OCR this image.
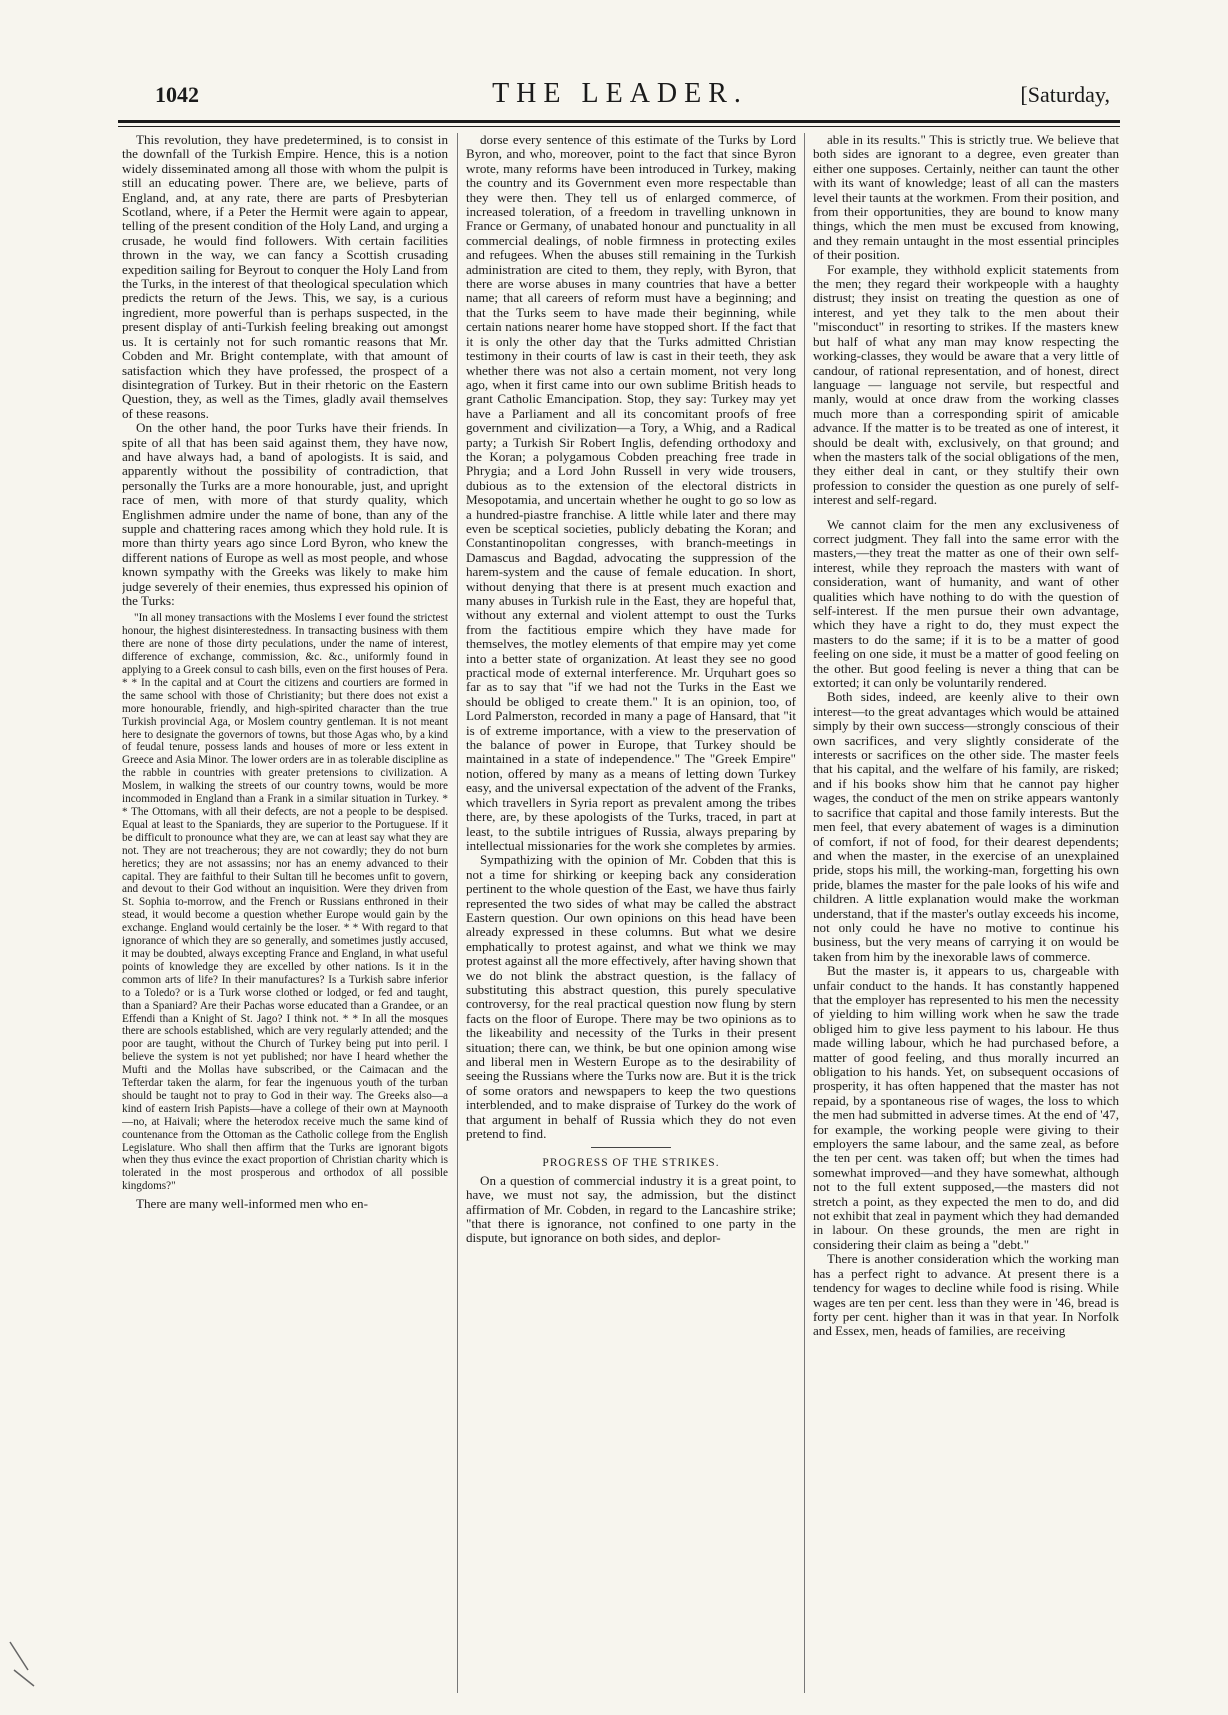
1042	THE LEADER.	[Saturday,

This revolution, they have predetermined, is to consist in the downfall of the Turkish Empire. Hence, this is a notion widely disseminated among all those with whom the pulpit is still an educating power. There are, we believe, parts of England, and, at any rate, there are parts of Presbyterian Scotland, where, if a Peter the Hermit were again to appear, telling of the present condition of the Holy Land, and urging a crusade, he would find followers. With certain facilities thrown in the way, we can fancy a Scottish crusading expedition sailing for Beyrout to conquer the Holy Land from the Turks, in the interest of that theological speculation which predicts the return of the Jews. This, we say, is a curious ingredient, more powerful than is perhaps suspected, in the present display of anti-Turkish feeling breaking out amongst us. It is certainly not for such romantic reasons that Mr. Cobden and Mr. Bright contemplate, with that amount of satisfaction which they have professed, the prospect of a disintegration of Turkey. But in their rhetoric on the Eastern Question, they, as well as the Times, gladly avail themselves of these reasons.

On the other hand, the poor Turks have their friends. In spite of all that has been said against them, they have now, and have always had, a band of apologists. It is said, and apparently without the possibility of contradiction, that personally the Turks are a more honourable, just, and upright race of men, with more of that sturdy quality, which Englishmen admire under the name of bone, than any of the supple and chattering races among which they hold rule. It is more than thirty years ago since Lord Byron, who knew the different nations of Europe as well as most people, and whose known sympathy with the Greeks was likely to make him judge severely of their enemies, thus expressed his opinion of the Turks:

"In all money transactions with the Moslems I ever found the strictest honour, the highest disinterestedness. In transacting business with them there are none of those dirty peculations, under the name of interest, difference of exchange, commission, &c. &c., uniformly found in applying to a Greek consul to cash bills, even on the first houses of Pera. * * In the capital and at Court the citizens and courtiers are formed in the same school with those of Christianity; but there does not exist a more honourable, friendly, and high-spirited character than the true Turkish provincial Aga, or Moslem country gentleman. It is not meant here to designate the governors of towns, but those Agas who, by a kind of feudal tenure, possess lands and houses of more or less extent in Greece and Asia Minor. The lower orders are in as tolerable discipline as the rabble in countries with greater pretensions to civilization. A Moslem, in walking the streets of our country towns, would be more incommoded in England than a Frank in a similar situation in Turkey. * * The Ottomans, with all their defects, are not a people to be despised. Equal at least to the Spaniards, they are superior to the Portuguese. If it be difficult to pronounce what they are, we can at least say what they are not. They are not treacherous; they are not cowardly; they do not burn heretics; they are not assassins; nor has an enemy advanced to their capital. They are faithful to their Sultan till he becomes unfit to govern, and devout to their God without an inquisition. Were they driven from St. Sophia to-morrow, and the French or Russians enthroned in their stead, it would become a question whether Europe would gain by the exchange. England would certainly be the loser. * * With regard to that ignorance of which they are so generally, and sometimes justly accused, it may be doubted, always excepting France and England, in what useful points of knowledge they are excelled by other nations. Is it in the common arts of life? In their manufactures? Is a Turkish sabre inferior to a Toledo? or is a Turk worse clothed or lodged, or fed and taught, than a Spaniard? Are their Pachas worse educated than a Grandee, or an Effendi than a Knight of St. Jago? I think not. * * In all the mosques there are schools established, which are very regularly attended; and the poor are taught, without the Church of Turkey being put into peril. I believe the system is not yet published; nor have I heard whether the Mufti and the Mollas have subscribed, or the Caimacan and the Tefterdar taken the alarm, for fear the ingenuous youth of the turban should be taught not to pray to God in their way. The Greeks also—a kind of eastern Irish Papists—have a college of their own at Maynooth—no, at Haivali; where the heterodox receive much the same kind of countenance from the Ottoman as the Catholic college from the English Legislature. Who shall then affirm that the Turks are ignorant bigots when they thus evince the exact proportion of Christian charity which is tolerated in the most prosperous and orthodox of all possible kingdoms?"

There are many well-informed men who en-

dorse every sentence of this estimate of the Turks by Lord Byron, and who, moreover, point to the fact that since Byron wrote, many reforms have been introduced in Turkey, making the country and its Government even more respectable than they were then. They tell us of enlarged commerce, of increased toleration, of a freedom in travelling unknown in France or Germany, of unabated honour and punctuality in all commercial dealings, of noble firmness in protecting exiles and refugees. When the abuses still remaining in the Turkish administration are cited to them, they reply, with Byron, that there are worse abuses in many countries that have a better name; that all careers of reform must have a beginning; and that the Turks seem to have made their beginning, while certain nations nearer home have stopped short. If the fact that it is only the other day that the Turks admitted Christian testimony in their courts of law is cast in their teeth, they ask whether there was not also a certain moment, not very long ago, when it first came into our own sublime British heads to grant Catholic Emancipation. Stop, they say: Turkey may yet have a Parliament and all its concomitant proofs of free government and civilization—a Tory, a Whig, and a Radical party; a Turkish Sir Robert Inglis, defending orthodoxy and the Koran; a polygamous Cobden preaching free trade in Phrygia; and a Lord John Russell in very wide trousers, dubious as to the extension of the electoral districts in Mesopotamia, and uncertain whether he ought to go so low as a hundred-piastre franchise. A little while later and there may even be sceptical societies, publicly debating the Koran; and Constantinopolitan congresses, with branch-meetings in Damascus and Bagdad, advocating the suppression of the harem-system and the cause of female education. In short, without denying that there is at present much exaction and many abuses in Turkish rule in the East, they are hopeful that, without any external and violent attempt to oust the Turks from the factitious empire which they have made for themselves, the motley elements of that empire may yet come into a better state of organization. At least they see no good practical mode of external interference. Mr. Urquhart goes so far as to say that "if we had not the Turks in the East we should be obliged to create them." It is an opinion, too, of Lord Palmerston, recorded in many a page of Hansard, that "it is of extreme importance, with a view to the preservation of the balance of power in Europe, that Turkey should be maintained in a state of independence." The "Greek Empire" notion, offered by many as a means of letting down Turkey easy, and the universal expectation of the advent of the Franks, which travellers in Syria report as prevalent among the tribes there, are, by these apologists of the Turks, traced, in part at least, to the subtile intrigues of Russia, always preparing by intellectual missionaries for the work she completes by armies.

Sympathizing with the opinion of Mr. Cobden that this is not a time for shirking or keeping back any consideration pertinent to the whole question of the East, we have thus fairly represented the two sides of what may be called the abstract Eastern question. Our own opinions on this head have been already expressed in these columns. But what we desire emphatically to protest against, and what we think we may protest against all the more effectively, after having shown that we do not blink the abstract question, is the fallacy of substituting this abstract question, this purely speculative controversy, for the real practical question now flung by stern facts on the floor of Europe. There may be two opinions as to the likeability and necessity of the Turks in their present situation; there can, we think, be but one opinion among wise and liberal men in Western Europe as to the desirability of seeing the Russians where the Turks now are. But it is the trick of some orators and newspapers to keep the two questions interblended, and to make dispraise of Turkey do the work of that argument in behalf of Russia which they do not even pretend to find.

PROGRESS OF THE STRIKES.

On a question of commercial industry it is a great point, to have, we must not say, the admission, but the distinct affirmation of Mr. Cobden, in regard to the Lancashire strike; "that there is ignorance, not confined to one party in the dispute, but ignorance on both sides, and deplor-

able in its results." This is strictly true. We believe that both sides are ignorant to a degree, even greater than either one supposes. Certainly, neither can taunt the other with its want of knowledge; least of all can the masters level their taunts at the workmen. From their position, and from their opportunities, they are bound to know many things, which the men must be excused from knowing, and they remain untaught in the most essential principles of their position.

For example, they withhold explicit statements from the men; they regard their workpeople with a haughty distrust; they insist on treating the question as one of interest, and yet they talk to the men about their "misconduct" in resorting to strikes. If the masters knew but half of what any man may know respecting the working-classes, they would be aware that a very little of candour, of rational representation, and of honest, direct language — language not servile, but respectful and manly, would at once draw from the working classes much more than a corresponding spirit of amicable advance. If the matter is to be treated as one of interest, it should be dealt with, exclusively, on that ground; and when the masters talk of the social obligations of the men, they either deal in cant, or they stultify their own profession to consider the question as one purely of self-interest and self-regard.

We cannot claim for the men any exclusiveness of correct judgment. They fall into the same error with the masters,—they treat the matter as one of their own self-interest, while they reproach the masters with want of consideration, want of humanity, and want of other qualities which have nothing to do with the question of self-interest. If the men pursue their own advantage, which they have a right to do, they must expect the masters to do the same; if it is to be a matter of good feeling on one side, it must be a matter of good feeling on the other. But good feeling is never a thing that can be extorted; it can only be voluntarily rendered.

Both sides, indeed, are keenly alive to their own interest—to the great advantages which would be attained simply by their own success—strongly conscious of their own sacrifices, and very slightly considerate of the interests or sacrifices on the other side. The master feels that his capital, and the welfare of his family, are risked; and if his books show him that he cannot pay higher wages, the conduct of the men on strike appears wantonly to sacrifice that capital and those family interests. But the men feel, that every abatement of wages is a diminution of comfort, if not of food, for their dearest dependents; and when the master, in the exercise of an unexplained pride, stops his mill, the working-man, forgetting his own pride, blames the master for the pale looks of his wife and children. A little explanation would make the workman understand, that if the master's outlay exceeds his income, not only could he have no motive to continue his business, but the very means of carrying it on would be taken from him by the inexorable laws of commerce.

But the master is, it appears to us, chargeable with unfair conduct to the hands. It has constantly happened that the employer has represented to his men the necessity of yielding to him willing work when he saw the trade obliged him to give less payment to his labour. He thus made willing labour, which he had purchased before, a matter of good feeling, and thus morally incurred an obligation to his hands. Yet, on subsequent occasions of prosperity, it has often happened that the master has not repaid, by a spontaneous rise of wages, the loss to which the men had submitted in adverse times. At the end of '47, for example, the working people were giving to their employers the same labour, and the same zeal, as before the ten per cent. was taken off; but when the times had somewhat improved—and they have somewhat, although not to the full extent supposed,—the masters did not stretch a point, as they expected the men to do, and did not exhibit that zeal in payment which they had demanded in labour. On these grounds, the men are right in considering their claim as being a "debt."

There is another consideration which the working man has a perfect right to advance. At present there is a tendency for wages to decline while food is rising. While wages are ten per cent. less than they were in '46, bread is forty per cent. higher than it was in that year. In Norfolk and Essex, men, heads of families, are receiving
